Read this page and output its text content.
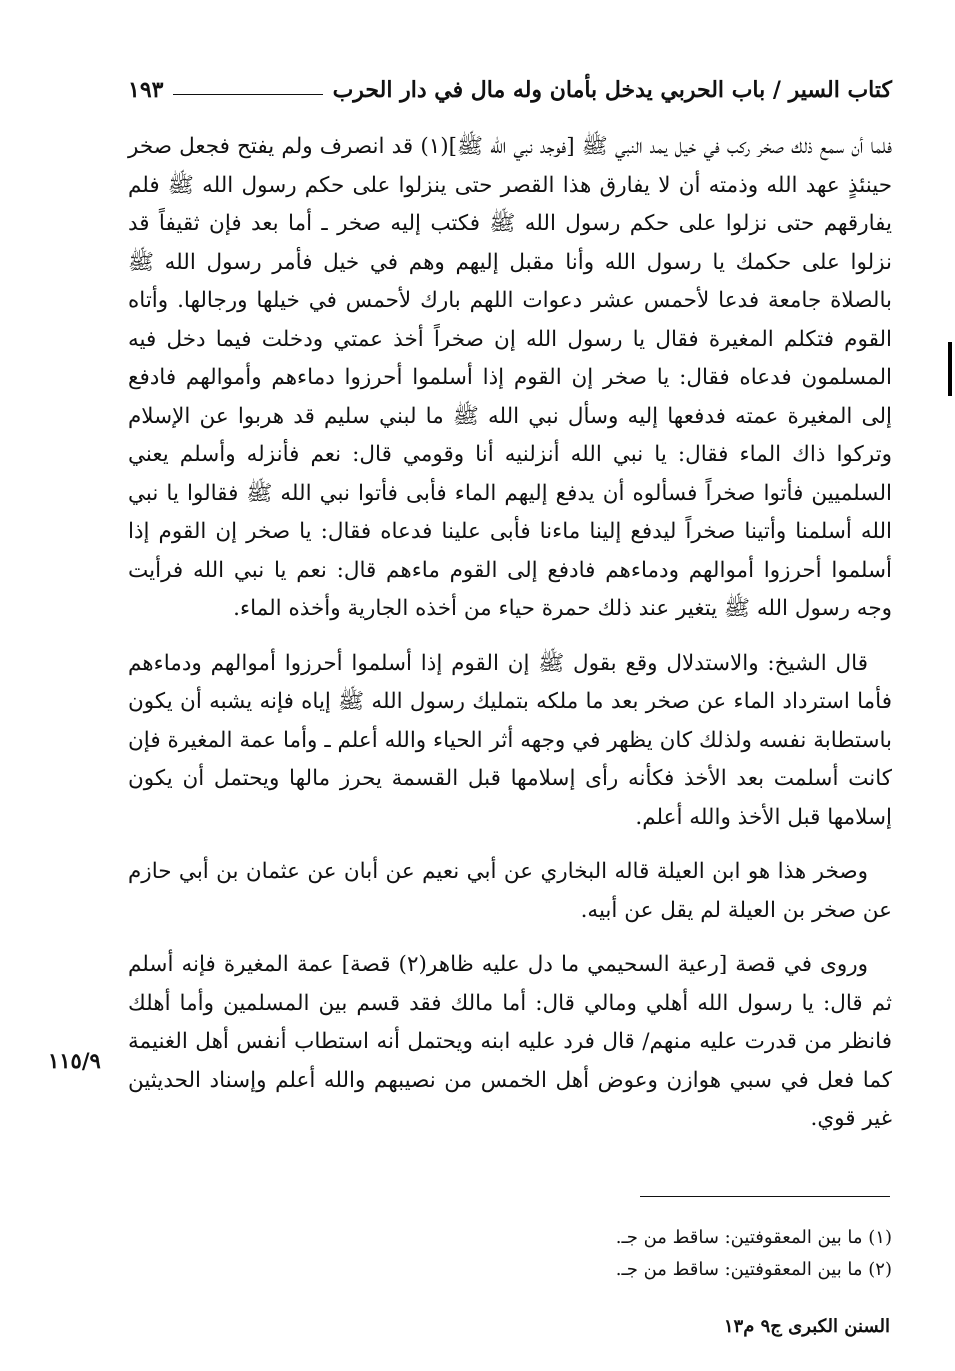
كتاب السير / باب الحربي يدخل بأمان وله مال في دار الحرب
١٩٣

فلما أن سمع ذلك صخر ركب في خيل يمد النبي ﷺ [فوجد نبي الله ﷺ](١) قد انصرف ولم يفتح فجعل صخر حينئذٍ عهد الله وذمته أن لا يفارق هذا القصر حتى ينزلوا على حكم رسول الله ﷺ فلم يفارقهم حتى نزلوا على حكم رسول الله ﷺ فكتب إليه صخر ـ أما بعد فإن ثقيفاً قد نزلوا على حكمك يا رسول الله وأنا مقبل إليهم وهم في خيل فأمر رسول الله ﷺ بالصلاة جامعة فدعا لأحمس عشر دعوات اللهم بارك لأحمس في خيلها ورجالها. وأتاه القوم فتكلم المغيرة فقال يا رسول الله إن صخراً أخذ عمتي ودخلت فيما دخل فيه المسلمون فدعاه فقال: يا صخر إن القوم إذا أسلموا أحرزوا دماءهم وأموالهم فادفع إلى المغيرة عمته فدفعها إليه وسأل نبي الله ﷺ ما لبني سليم قد هربوا عن الإسلام وتركوا ذاك الماء فقال: يا نبي الله أنزلنيه أنا وقومي قال: نعم فأنزله وأسلم يعني السلميين فأتوا صخراً فسألوه أن يدفع إليهم الماء فأبى فأتوا نبي الله ﷺ فقالوا يا نبي الله أسلمنا وأتينا صخراً ليدفع إلينا ماءنا فأبى علينا فدعاه فقال: يا صخر إن القوم إذا أسلموا أحرزوا أموالهم ودماءهم فادفع إلى القوم ماءهم قال: نعم يا نبي الله فرأيت وجه رسول الله ﷺ يتغير عند ذلك حمرة حياء من أخذه الجارية وأخذه الماء.

قال الشيخ: والاستدلال وقع بقول ﷺ إن القوم إذا أسلموا أحرزوا أموالهم ودماءهم فأما استرداد الماء عن صخر بعد ما ملكه بتمليك رسول الله ﷺ إياه فإنه يشبه أن يكون باستطابة نفسه ولذلك كان يظهر في وجهه أثر الحياء والله أعلم ـ وأما عمة المغيرة فإن كانت أسلمت بعد الأخذ فكأنه رأى إسلامها قبل القسمة يحرز مالها ويحتمل أن يكون إسلامها قبل الأخذ والله أعلم.

وصخر هذا هو ابن العيلة قاله البخاري عن أبي نعيم عن أبان عن عثمان بن أبي حازم عن صخر بن العيلة لم يقل عن أبيه.

وروى في قصة [رعية السحيمي ما دل عليه ظاهر(٢) قصة] عمة المغيرة فإنه أسلم ثم قال: يا رسول الله أهلي ومالي قال: أما مالك فقد قسم بين المسلمين وأما أهلك فانظر من قدرت عليه منهم/ قال فرد عليه ابنه ويحتمل أنه استطاب أنفس أهل الغنيمة كما فعل في سبي هوازن وعوض أهل الخمس من نصيبهم والله أعلم وإسناد الحديثين غير قوي.

١١٥/٩
(١) ما بين المعقوفتين: ساقط من جـ.
(٢) ما بين المعقوفتين: ساقط من جـ.
السنن الكبرى ج٩ م١٣
